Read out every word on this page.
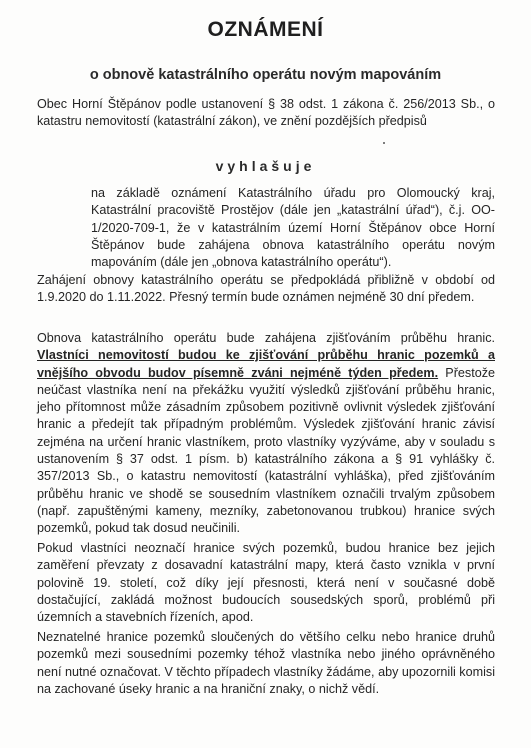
OZNÁMENÍ
o obnově katastrálního operátu novým mapováním

Obec Horní Štěpánov podle ustanovení § 38 odst. 1 zákona č. 256/2013 Sb., o katastru nemovitostí (katastrální zákon), ve znění pozdějších předpisů

vyhlašuje

na základě oznámení Katastrálního úřadu pro Olomoucký kraj, Katastrální pracoviště Prostějov (dále jen „katastrální úřad“), č.j. OO-1/2020-709-1, že v katastrálním území Horní Štěpánov obce Horní Štěpánov bude zahájena obnova katastrálního operátu novým mapováním (dále jen „obnova katastrálního operátu“).

Zahájení obnovy katastrálního operátu se předpokládá přibližně v období od 1.9.2020 do 1.11.2022. Přesný termín bude oznámen nejméně 30 dní předem.

Obnova katastrálního operátu bude zahájena zjišťováním průběhu hranic. Vlastníci nemovitostí budou ke zjišťování průběhu hranic pozemků a vnějšího obvodu budov písemně zváni nejméně týden předem. Přestože neúčast vlastníka není na překážku využití výsledků zjišťování průběhu hranic, jeho přítomnost může zásadním způsobem pozitivně ovlivnit výsledek zjišťování hranic a předejít tak případným problémům. Výsledek zjišťování hranic závisí zejména na určení hranic vlastníkem, proto vlastníky vyzýváme, aby v souladu s ustanovením § 37 odst. 1 písm. b) katastrálního zákona a § 91 vyhlášky č. 357/2013 Sb., o katastru nemovitostí (katastrální vyhláška), před zjišťováním průběhu hranic ve shodě se sousedním vlastníkem označili trvalým způsobem (např. zapuštěnými kameny, mezníky, zabetonovanou trubkou) hranice svých pozemků, pokud tak dosud neučinili.

Pokud vlastníci neoznačí hranice svých pozemků, budou hranice bez jejich zaměření převzaty z dosavadní katastrální mapy, která často vznikla v první polovině 19. století, což díky její přesnosti, která není v současné době dostačující, zakládá možnost budoucích sousedských sporů, problémů při územních a stavebních řízeních, apod.

Neznatelné hranice pozemků sloučených do většího celku nebo hranice druhů pozemků mezi sousedními pozemky téhož vlastníka nebo jiného oprávněného není nutné označovat. V těchto případech vlastníky žádáme, aby upozornili komisi na zachované úseky hranic a na hraniční znaky, o nichž vědí.
